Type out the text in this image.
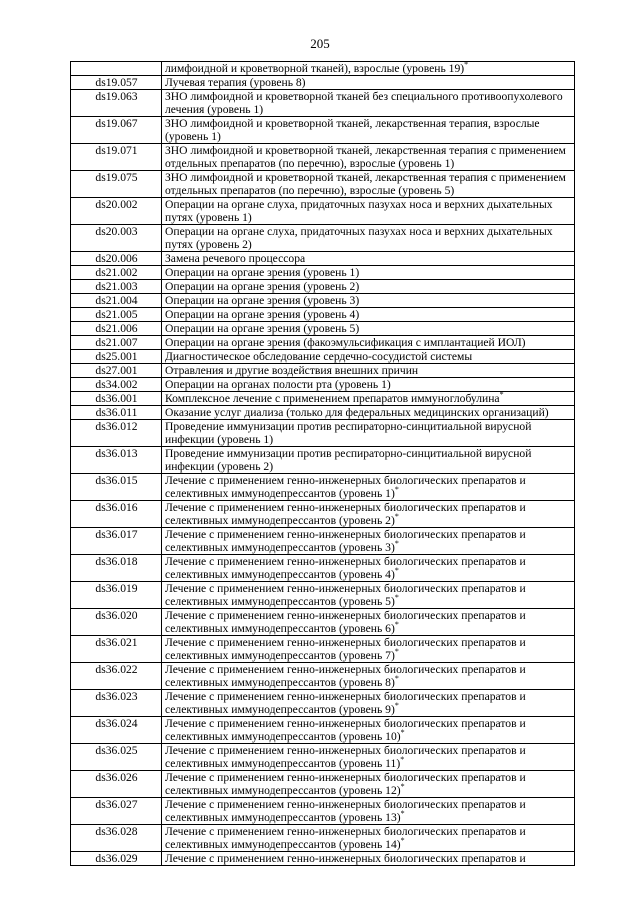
205
	лимфоидной и кроветворной тканей), взрослые (уровень 19)*
ds19.057	Лучевая терапия (уровень 8)
ds19.063	ЗНО лимфоидной и кроветворной тканей без специального противоопухолевого лечения (уровень 1)
ds19.067	ЗНО лимфоидной и кроветворной тканей, лекарственная терапия, взрослые (уровень 1)
ds19.071	ЗНО лимфоидной и кроветворной тканей, лекарственная терапия с применением отдельных препаратов (по перечню), взрослые (уровень 1)
ds19.075	ЗНО лимфоидной и кроветворной тканей, лекарственная терапия с применением отдельных препаратов (по перечню), взрослые (уровень 5)
ds20.002	Операции на органе слуха, придаточных пазухах носа и верхних дыхательных путях (уровень 1)
ds20.003	Операции на органе слуха, придаточных пазухах носа и верхних дыхательных путях (уровень 2)
ds20.006	Замена речевого процессора
ds21.002	Операции на органе зрения (уровень 1)
ds21.003	Операции на органе зрения (уровень 2)
ds21.004	Операции на органе зрения (уровень 3)
ds21.005	Операции на органе зрения (уровень 4)
ds21.006	Операции на органе зрения (уровень 5)
ds21.007	Операции на органе зрения (факоэмульсификация с имплантацией ИОЛ)
ds25.001	Диагностическое обследование сердечно-сосудистой системы
ds27.001	Отравления и другие воздействия внешних причин
ds34.002	Операции на органах полости рта (уровень 1)
ds36.001	Комплексное лечение с применением препаратов иммуноглобулина*
ds36.011	Оказание услуг диализа (только для федеральных медицинских организаций)
ds36.012	Проведение иммунизации против респираторно-синцитиальной вирусной инфекции (уровень 1)
ds36.013	Проведение иммунизации против респираторно-синцитиальной вирусной инфекции (уровень 2)
ds36.015	Лечение с применением генно-инженерных биологических препаратов и селективных иммунодепрессантов (уровень 1)*
ds36.016	Лечение с применением генно-инженерных биологических препаратов и селективных иммунодепрессантов (уровень 2)*
ds36.017	Лечение с применением генно-инженерных биологических препаратов и селективных иммунодепрессантов (уровень 3)*
ds36.018	Лечение с применением генно-инженерных биологических препаратов и селективных иммунодепрессантов (уровень 4)*
ds36.019	Лечение с применением генно-инженерных биологических препаратов и селективных иммунодепрессантов (уровень 5)*
ds36.020	Лечение с применением генно-инженерных биологических препаратов и селективных иммунодепрессантов (уровень 6)*
ds36.021	Лечение с применением генно-инженерных биологических препаратов и селективных иммунодепрессантов (уровень 7)*
ds36.022	Лечение с применением генно-инженерных биологических препаратов и селективных иммунодепрессантов (уровень 8)*
ds36.023	Лечение с применением генно-инженерных биологических препаратов и селективных иммунодепрессантов (уровень 9)*
ds36.024	Лечение с применением генно-инженерных биологических препаратов и селективных иммунодепрессантов (уровень 10)*
ds36.025	Лечение с применением генно-инженерных биологических препаратов и селективных иммунодепрессантов (уровень 11)*
ds36.026	Лечение с применением генно-инженерных биологических препаратов и селективных иммунодепрессантов (уровень 12)*
ds36.027	Лечение с применением генно-инженерных биологических препаратов и селективных иммунодепрессантов (уровень 13)*
ds36.028	Лечение с применением генно-инженерных биологических препаратов и селективных иммунодепрессантов (уровень 14)*
ds36.029	Лечение с применением генно-инженерных биологических препаратов и
